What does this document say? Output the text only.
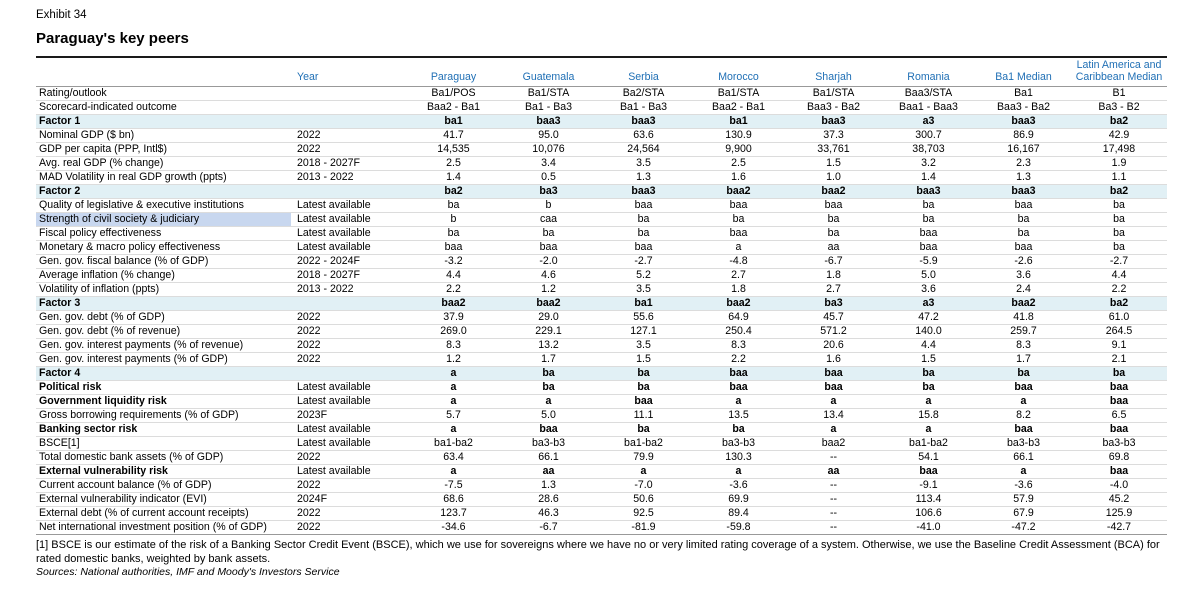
Exhibit 34
Paraguay's key peers
	Year	Paraguay	Guatemala	Serbia	Morocco	Sharjah	Romania	Ba1 Median	Latin America and Caribbean Median
Rating/outlook		Ba1/POS	Ba1/STA	Ba2/STA	Ba1/STA	Ba1/STA	Baa3/STA	Ba1	B1
Scorecard-indicated outcome		Baa2 - Ba1	Ba1 - Ba3	Ba1 - Ba3	Baa2 - Ba1	Baa3 - Ba2	Baa1 - Baa3	Baa3 - Ba2	Ba3 - B2
Factor 1		ba1	baa3	baa3	ba1	baa3	a3	baa3	ba2
Nominal GDP ($ bn)	2022	41.7	95.0	63.6	130.9	37.3	300.7	86.9	42.9
GDP per capita (PPP, Intl$)	2022	14,535	10,076	24,564	9,900	33,761	38,703	16,167	17,498
Avg. real GDP (% change)	2018 - 2027F	2.5	3.4	3.5	2.5	1.5	3.2	2.3	1.9
MAD Volatility in real GDP growth (ppts)	2013 - 2022	1.4	0.5	1.3	1.6	1.0	1.4	1.3	1.1
Factor 2		ba2	ba3	baa3	baa2	baa2	baa3	baa3	ba2
Quality of legislative & executive institutions	Latest available	ba	b	baa	baa	baa	ba	baa	ba
Strength of civil society & judiciary	Latest available	b	caa	ba	ba	ba	ba	ba	ba
Fiscal policy effectiveness	Latest available	ba	ba	ba	baa	ba	baa	ba	ba
Monetary & macro policy effectiveness	Latest available	baa	baa	baa	a	aa	baa	baa	ba
Gen. gov. fiscal balance (% of GDP)	2022 - 2024F	-3.2	-2.0	-2.7	-4.8	-6.7	-5.9	-2.6	-2.7
Average inflation (% change)	2018 - 2027F	4.4	4.6	5.2	2.7	1.8	5.0	3.6	4.4
Volatility of inflation (ppts)	2013 - 2022	2.2	1.2	3.5	1.8	2.7	3.6	2.4	2.2
Factor 3		baa2	baa2	ba1	baa2	ba3	a3	baa2	ba2
Gen. gov. debt (% of GDP)	2022	37.9	29.0	55.6	64.9	45.7	47.2	41.8	61.0
Gen. gov. debt (% of revenue)	2022	269.0	229.1	127.1	250.4	571.2	140.0	259.7	264.5
Gen. gov. interest payments (% of revenue)	2022	8.3	13.2	3.5	8.3	20.6	4.4	8.3	9.1
Gen. gov. interest payments (% of GDP)	2022	1.2	1.7	1.5	2.2	1.6	1.5	1.7	2.1
Factor 4		a	ba	ba	baa	baa	ba	ba	ba
Political risk	Latest available	a	ba	ba	baa	baa	ba	baa	baa
Government liquidity risk	Latest available	a	a	baa	a	a	a	a	baa
Gross borrowing requirements (% of GDP)	2023F	5.7	5.0	11.1	13.5	13.4	15.8	8.2	6.5
Banking sector risk	Latest available	a	baa	ba	ba	a	a	baa	baa
BSCE[1]	Latest available	ba1-ba2	ba3-b3	ba1-ba2	ba3-b3	baa2	ba1-ba2	ba3-b3	ba3-b3
Total domestic bank assets (% of GDP)	2022	63.4	66.1	79.9	130.3	--	54.1	66.1	69.8
External vulnerability risk	Latest available	a	aa	a	a	aa	baa	a	baa
Current account balance (% of GDP)	2022	-7.5	1.3	-7.0	-3.6	--	-9.1	-3.6	-4.0
External vulnerability indicator (EVI)	2024F	68.6	28.6	50.6	69.9	--	113.4	57.9	45.2
External debt (% of current account receipts)	2022	123.7	46.3	92.5	89.4	--	106.6	67.9	125.9
Net international investment position (% of GDP)	2022	-34.6	-6.7	-81.9	-59.8	--	-41.0	-47.2	-42.7
[1] BSCE is our estimate of the risk of a Banking Sector Credit Event (BSCE), which we use for sovereigns where we have no or very limited rating coverage of a system. Otherwise, we use the Baseline Credit Assessment (BCA) for rated domestic banks, weighted by bank assets.
Sources: National authorities, IMF and Moody's Investors Service
